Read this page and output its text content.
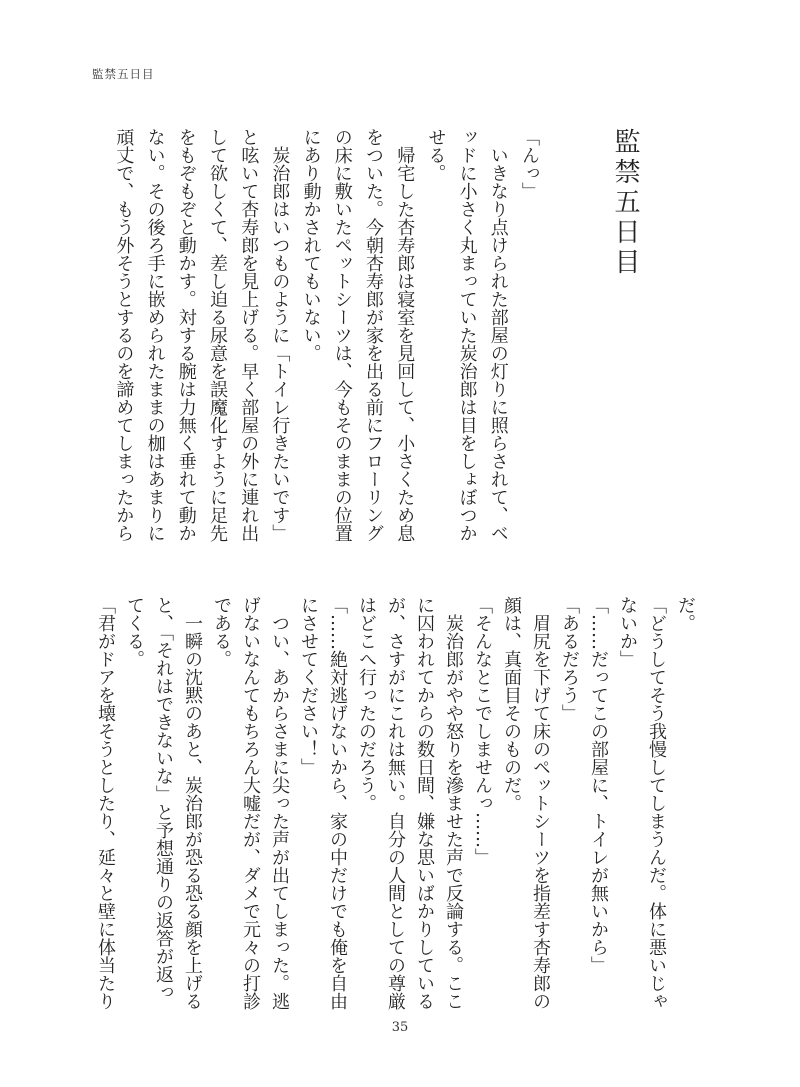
監禁五日目
監禁五日目
「んっ」
　いきなり点けられた部屋の灯りに照らされて、ベ
ッドに小さく丸まっていた炭治郎は目をしょぼつか
せる。
　帰宅した杏寿郎は寝室を見回して、小さくため息
をついた。今朝杏寿郎が家を出る前にフローリング
の床に敷いたペットシーツは、今もそのままの位置
にあり動かされてもいない。
　炭治郎はいつものように「トイレ行きたいです」
と呟いて杏寿郎を見上げる。早く部屋の外に連れ出
して欲しくて、差し迫る尿意を誤魔化すように足先
をもぞもぞと動かす。対する腕は力無く垂れて動か
ない。その後ろ手に嵌められたままの枷はあまりに
頑丈で、もう外そうとするのを諦めてしまったから
だ。
「どうしてそう我慢してしまうんだ。体に悪いじゃ
ないか」
「……だってこの部屋に、トイレが無いから」
「あるだろう」
　眉尻を下げて床のペットシーツを指差す杏寿郎の
顔は、真面目そのものだ。
「そんなとこでしませんっ……」
　炭治郎がやや怒りを滲ませた声で反論する。ここ
に囚われてからの数日間、嫌な思いばかりしている
が、さすがにこれは無い。自分の人間としての尊厳
はどこへ行ったのだろう。
「……絶対逃げないから、家の中だけでも俺を自由
にさせてください！」
　つい、あからさまに尖った声が出てしまった。逃
げないなんてもちろん大嘘だが、ダメで元々の打診
である。
　一瞬の沈黙のあと、炭治郎が恐る恐る顔を上げる
と、「それはできないな」と予想通りの返答が返っ
てくる。
「君がドアを壊そうとしたり、延々と壁に体当たり
35
